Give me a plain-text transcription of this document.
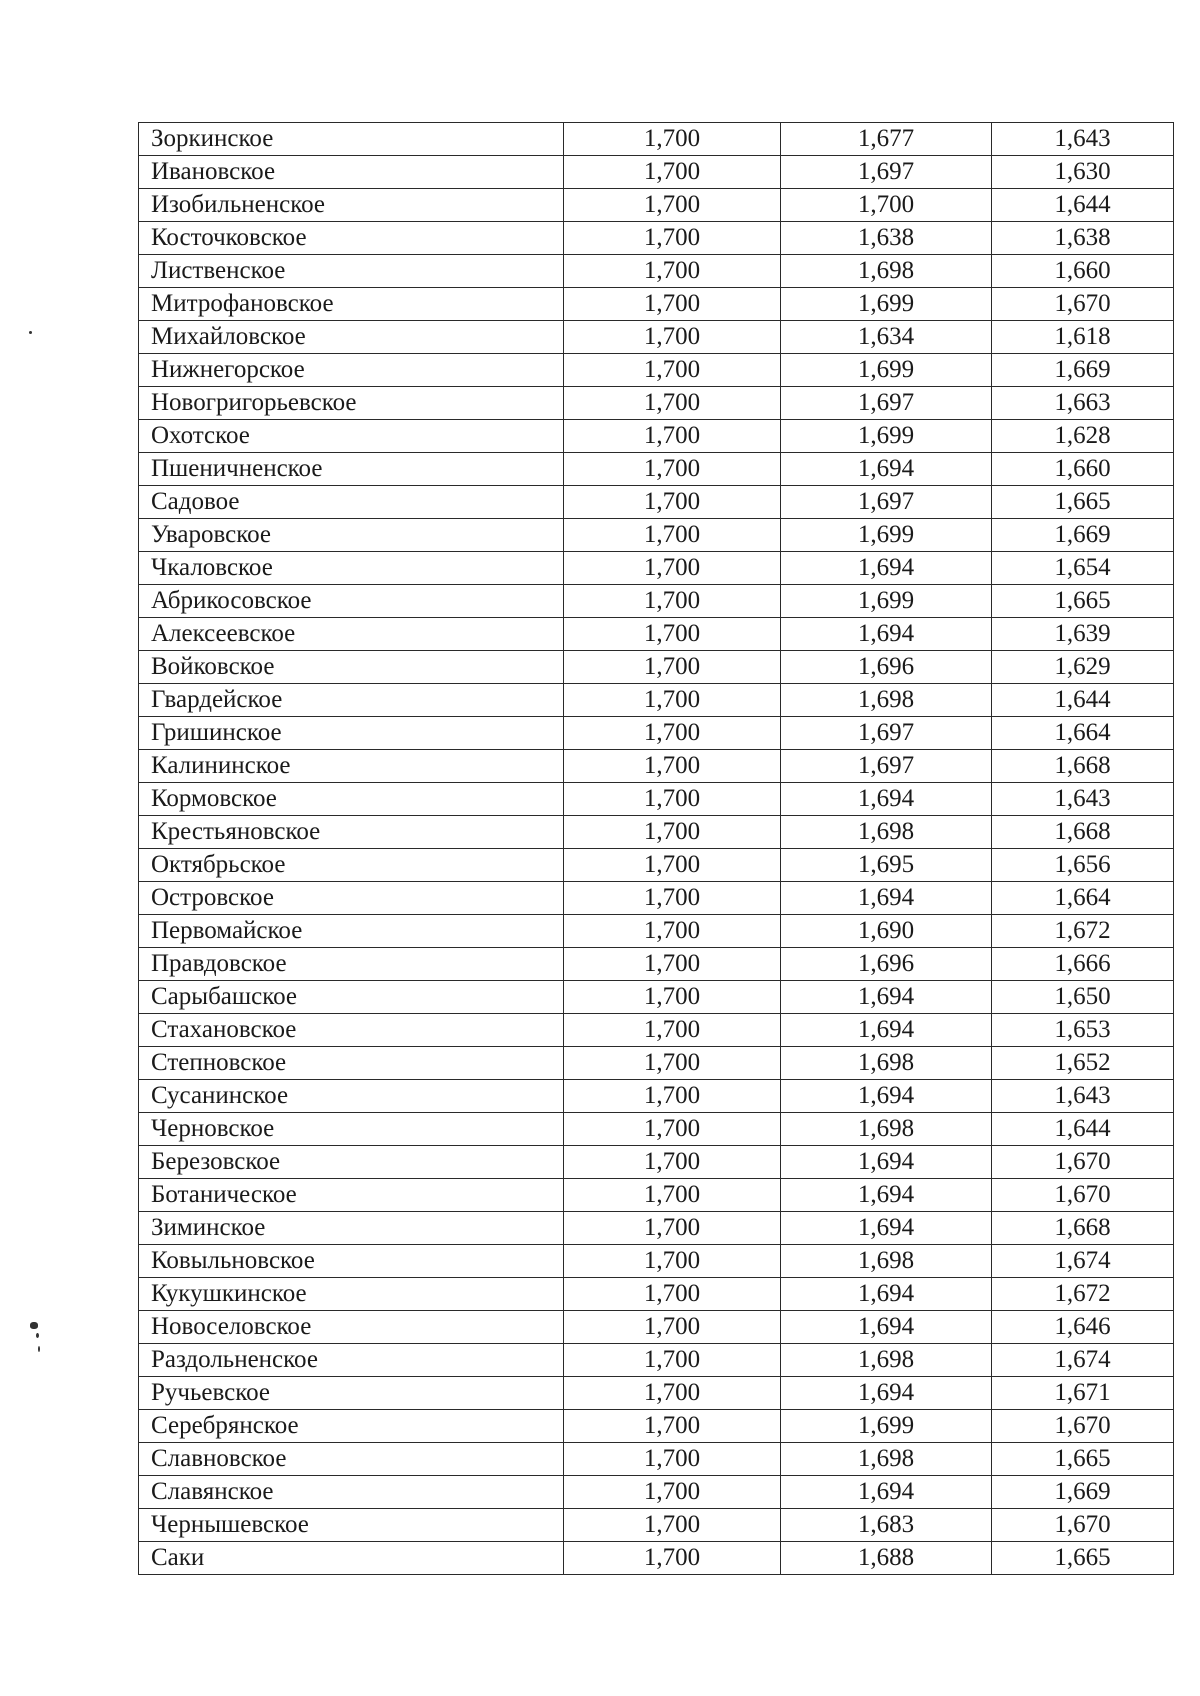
Зоркинское	1,700	1,677	1,643
Ивановское	1,700	1,697	1,630
Изобильненское	1,700	1,700	1,644
Косточковское	1,700	1,638	1,638
Лиственское	1,700	1,698	1,660
Митрофановское	1,700	1,699	1,670
Михайловское	1,700	1,634	1,618
Нижнегорское	1,700	1,699	1,669
Новогригорьевское	1,700	1,697	1,663
Охотское	1,700	1,699	1,628
Пшеничненское	1,700	1,694	1,660
Садовое	1,700	1,697	1,665
Уваровское	1,700	1,699	1,669
Чкаловское	1,700	1,694	1,654
Абрикосовское	1,700	1,699	1,665
Алексеевское	1,700	1,694	1,639
Войковское	1,700	1,696	1,629
Гвардейское	1,700	1,698	1,644
Гришинское	1,700	1,697	1,664
Калининское	1,700	1,697	1,668
Кормовское	1,700	1,694	1,643
Крестьяновское	1,700	1,698	1,668
Октябрьское	1,700	1,695	1,656
Островское	1,700	1,694	1,664
Первомайское	1,700	1,690	1,672
Правдовское	1,700	1,696	1,666
Сарыбашское	1,700	1,694	1,650
Стахановское	1,700	1,694	1,653
Степновское	1,700	1,698	1,652
Сусанинское	1,700	1,694	1,643
Черновское	1,700	1,698	1,644
Березовское	1,700	1,694	1,670
Ботаническое	1,700	1,694	1,670
Зиминское	1,700	1,694	1,668
Ковыльновское	1,700	1,698	1,674
Кукушкинское	1,700	1,694	1,672
Новоселовское	1,700	1,694	1,646
Раздольненское	1,700	1,698	1,674
Ручьевское	1,700	1,694	1,671
Серебрянское	1,700	1,699	1,670
Славновское	1,700	1,698	1,665
Славянское	1,700	1,694	1,669
Чернышевское	1,700	1,683	1,670
Саки	1,700	1,688	1,665
